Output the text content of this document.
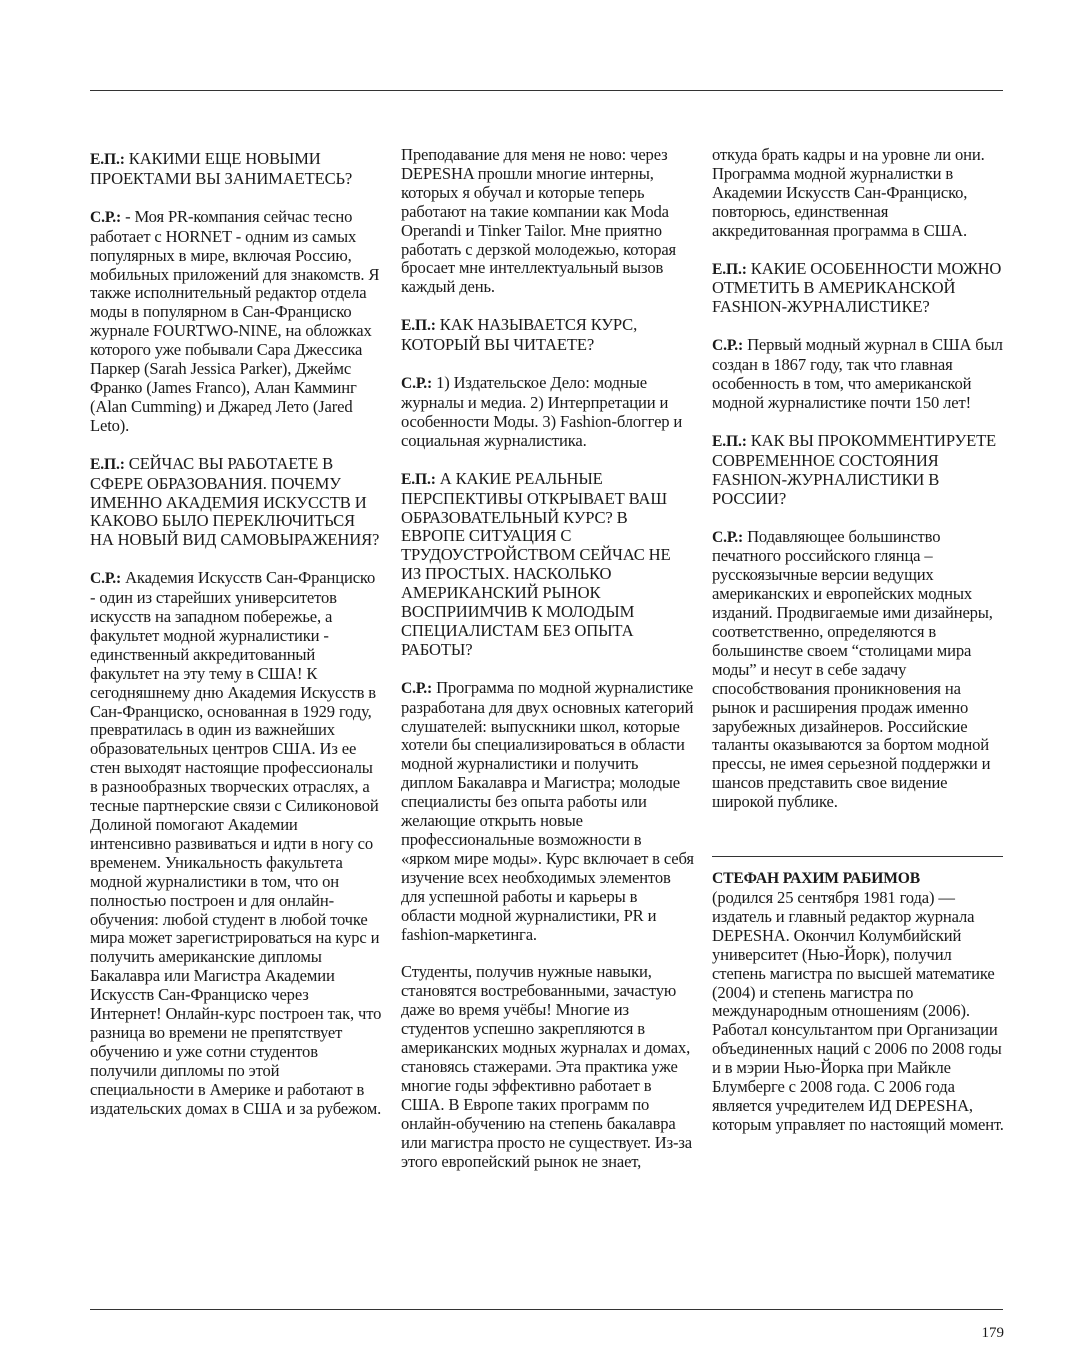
Е.П.: КАКИМИ ЕЩЕ НОВЫМИ ПРОЕКТАМИ ВЫ ЗАНИМАЕТЕСЬ?

С.Р.: - Моя PR-компания сейчас тесно работает с HORNET - одним из самых популярных в мире, включая Россию, мобильных приложений для знакомств. Я также исполнительный редактор отдела моды в популярном в Сан-Франциско журнале FOURTWO-NINE, на обложках которого уже побывали Сара Джессика Паркер (Sarah Jessica Parker), Джеймс Франко (James Franco), Алан Камминг (Alan Cumming) и Джаред Лето (Jared Leto).

Е.П.: СЕЙЧАС ВЫ РАБОТАЕТЕ В СФЕРЕ ОБРАЗОВАНИЯ. ПОЧЕМУ ИМЕННО АКАДЕМИЯ ИСКУССТВ И КАКОВО БЫЛО ПЕРЕКЛЮЧИТЬСЯ НА НОВЫЙ ВИД САМОВЫРАЖЕНИЯ?

С.Р.: Академия Искусств Сан-Франциско - один из старейших университетов искусств на западном побережье, а факультет модной журналистики - единственный аккредитованный факультет на эту тему в США! К сегодняшнему дню Академия Искусств в Сан-Франциско, основанная в 1929 году, превратилась в один из важнейших образовательных центров США. Из ее стен выходят настоящие профессионалы в разнообразных творческих отраслях, а тесные партнерские связи с Силиконовой Долиной помогают Академии интенсивно развиваться и идти в ногу со временем. Уникальность факультета модной журналистики в том, что он полностью построен и для онлайн-обучения: любой студент в любой точке мира может зарегистрироваться на курс и получить американские дипломы Бакалавра или Магистра Академии Искусств Сан-Франциско через Интернет! Онлайн-курс построен так, что разница во времени не препятствует обучению и уже сотни студентов получили дипломы по этой специальности в Америке и работают в издательских домах в США и за рубежом.

Преподавание для меня не ново: через DEPESHA прошли многие интерны, которых я обучал и которые теперь работают на такие компании как Moda Operandi и Tinker Tailor. Мне приятно работать с дерзкой молодежью, которая бросает мне интеллектуальный вызов каждый день.

Е.П.: КАК НАЗЫВАЕТСЯ КУРС, КОТОРЫЙ ВЫ ЧИТАЕТЕ?

С.Р.: 1) Издательское Дело: модные журналы и медиа. 2) Интерпретации и особенности Моды. 3) Fashion-блоггер и социальная журналистика.

Е.П.: А КАКИЕ РЕАЛЬНЫЕ ПЕРСПЕКТИВЫ ОТКРЫВАЕТ ВАШ ОБРАЗОВАТЕЛЬНЫЙ КУРС? В ЕВРОПЕ СИТУАЦИЯ С ТРУДОУСТРОЙСТВОМ СЕЙЧАС НЕ ИЗ ПРОСТЫХ. НАСКОЛЬКО АМЕРИКАНСКИЙ РЫНОК ВОСПРИИМЧИВ К МОЛОДЫМ СПЕЦИАЛИСТАМ БЕЗ ОПЫТА РАБОТЫ?

С.Р.: Программа по модной журналистике разработана для двух основных категорий слушателей: выпускники школ, которые хотели бы специализироваться в области модной журналистики и получить диплом Бакалавра и Магистра; молодые специалисты без опыта работы или желающие открыть новые профессиональные возможности в «ярком мире моды». Курс включает в себя изучение всех необходимых элементов для успешной работы и карьеры в области модной журналистики, PR и fashion-маркетинга.

Студенты, получив нужные навыки, становятся востребованными, зачастую даже во время учёбы! Многие из студентов успешно закрепляются в американских модных журналах и домах, становясь стажерами. Эта практика уже многие годы эффективно работает в США. В Европе таких программ по онлайн-обучению на степень бакалавра или магистра просто не существует. Из-за этого европейский рынок не знает,

откуда брать кадры и на уровне ли они. Программа модной журналистки в Академии Искусств Сан-Франциско, повторюсь, единственная аккредитованная программа в США.

Е.П.: КАКИЕ ОСОБЕННОСТИ МОЖНО ОТМЕТИТЬ В АМЕРИКАНСКОЙ FASHION-ЖУРНАЛИСТИКЕ?

С.Р.: Первый модный журнал в США был создан в 1867 году, так что главная особенность в том, что американской модной журналистике почти 150 лет!

Е.П.: КАК ВЫ ПРОКОММЕНТИРУЕТЕ СОВРЕМЕННОЕ СОСТОЯНИЯ FASHION-ЖУРНАЛИСТИКИ В РОССИИ?

С.Р.: Подавляющее большинство печатного российского глянца – русскоязычные версии ведущих американских и европейских модных изданий. Продвигаемые ими дизайнеры, соответственно, определяются в большинстве своем “столицами мира моды” и несут в себе задачу способствования проникновения на рынок и расширения продаж именно зарубежных дизайнеров. Российские таланты оказываются за бортом модной прессы, не имея серьезной поддержки и шансов представить свое видение широкой публике.

СТЕФАН РАХИМ РАБИМОВ
(родился 25 сентября 1981 года) — издатель и главный редактор журнала DEPESHA. Окончил Колумбийский университет (Нью-Йорк), получил степень магистра по высшей математике (2004) и степень магистра по международным отношениям (2006). Работал консультантом при Организации объединенных наций с 2006 по 2008 годы и в мэрии Нью-Йорка при Майкле Блумберге с 2008 года. С 2006 года является учредителем ИД DEPESHA, которым управляет по настоящий момент.
179
